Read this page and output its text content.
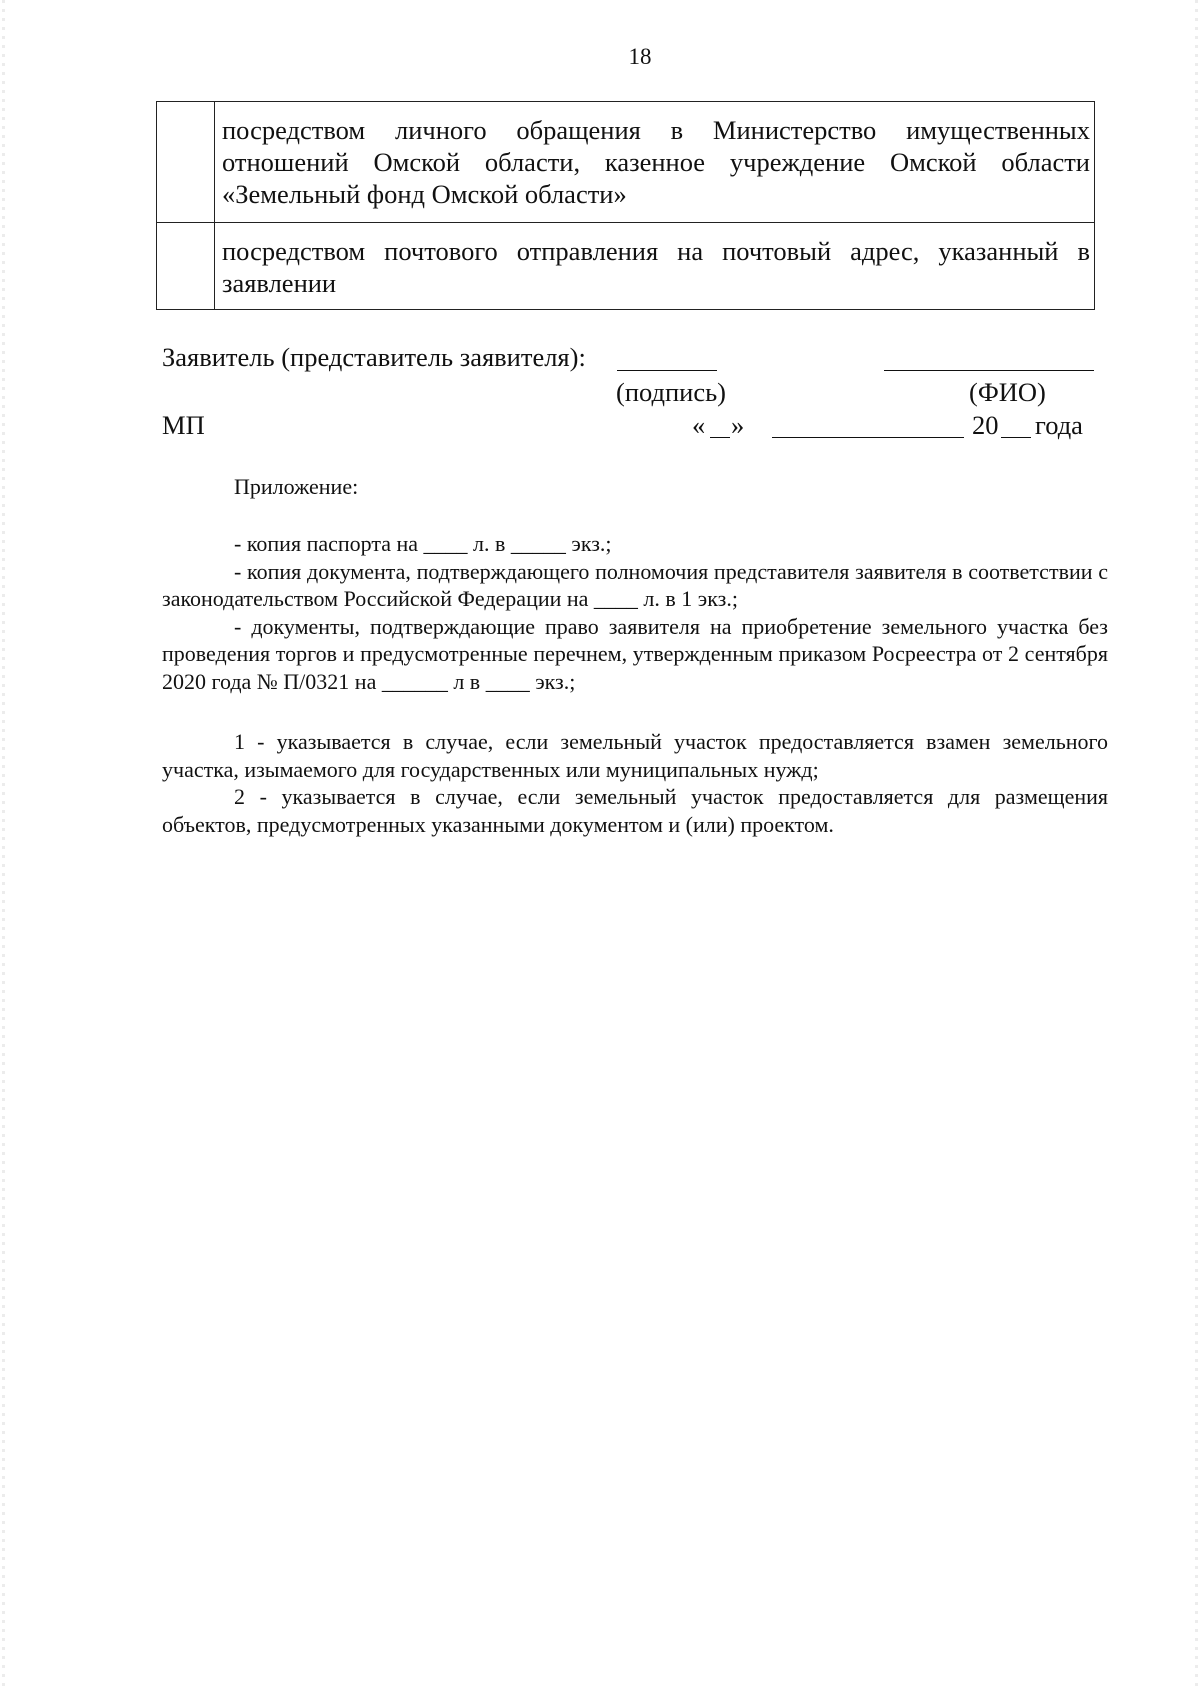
18
	посредством личного обращения в Министерство имущественных отношений Омской области, казенное учреждение Омской области «Земельный фонд Омской области»
	посредством почтового отправления на почтовый адрес, указанный в заявлении
Заявитель (представитель заявителя):
(подпись)	(ФИО)
МП	« »	20 года
Приложение:

- копия паспорта на ____ л. в _____ экз.;

- копия документа, подтверждающего полномочия представителя заявителя в соответствии с законодательством Российской Федерации на ____ л. в 1 экз.;

- документы, подтверждающие право заявителя на приобретение земельного участка без проведения торгов и предусмотренные перечнем, утвержденным приказом Росреестра от 2 сентября 2020 года № П/0321 на ______ л в ____ экз.;

1 - указывается в случае, если земельный участок предоставляется взамен земельного участка, изымаемого для государственных или муниципальных нужд;

2 - указывается в случае, если земельный участок предоставляется для размещения объектов, предусмотренных указанными документом и (или) проектом.
